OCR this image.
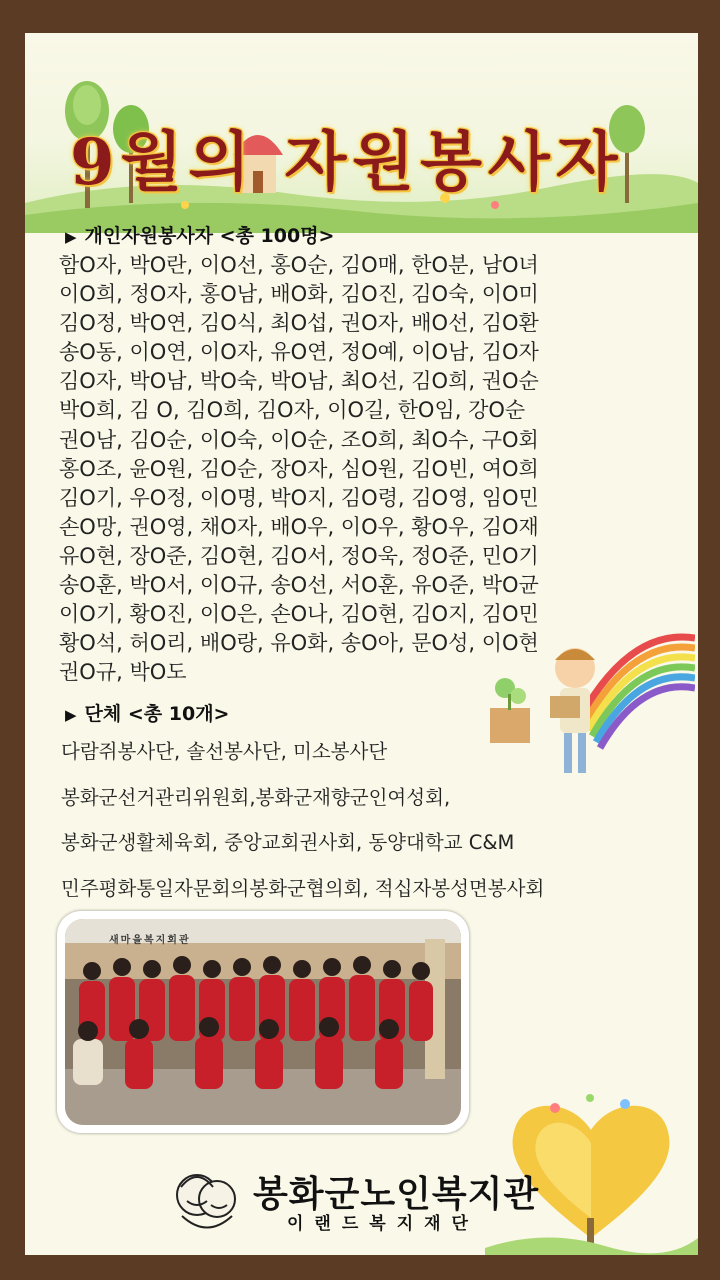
9월의 자원봉사자
▶ 개인자원봉사자 <총 100명>
함O자, 박O란, 이O선, 홍O순, 김O매, 한O분, 남O녀
이O희, 정O자, 홍O남, 배O화, 김O진, 김O숙, 이O미
김O정, 박O연, 김O식, 최O섭, 권O자, 배O선, 김O환
송O동, 이O연, 이O자, 유O연, 정O예, 이O남, 김O자
김O자, 박O남, 박O숙, 박O남, 최O선, 김O희, 권O순
박O희, 김 O, 김O희, 김O자, 이O길, 한O임, 강O순
권O남, 김O순, 이O숙, 이O순, 조O희, 최O수, 구O회
홍O조, 윤O원, 김O순, 장O자, 심O원, 김O빈, 여O희
김O기, 우O정, 이O명, 박O지, 김O령, 김O영, 임O민
손O망, 권O영, 채O자, 배O우, 이O우, 황O우, 김O재
유O현, 장O준, 김O현, 김O서, 정O욱, 정O준, 민O기
송O훈, 박O서, 이O규, 송O선, 서O훈, 유O준, 박O균
이O기, 황O진, 이O은, 손O나, 김O현, 김O지, 김O민
황O석, 허O리, 배O랑, 유O화, 송O아, 문O성, 이O현
권O규, 박O도
▶ 단체 <총 10개>
다람쥐봉사단, 솔선봉사단, 미소봉사단
봉화군선거관리위원회,봉화군재향군인여성회,
봉화군생활체육회, 중앙교회권사회, 동양대학교 C&M
민주평화통일자문회의봉화군협의회, 적십자봉성면봉사회
새마을복지회관
봉화군노인복지관
이랜드복지재단
